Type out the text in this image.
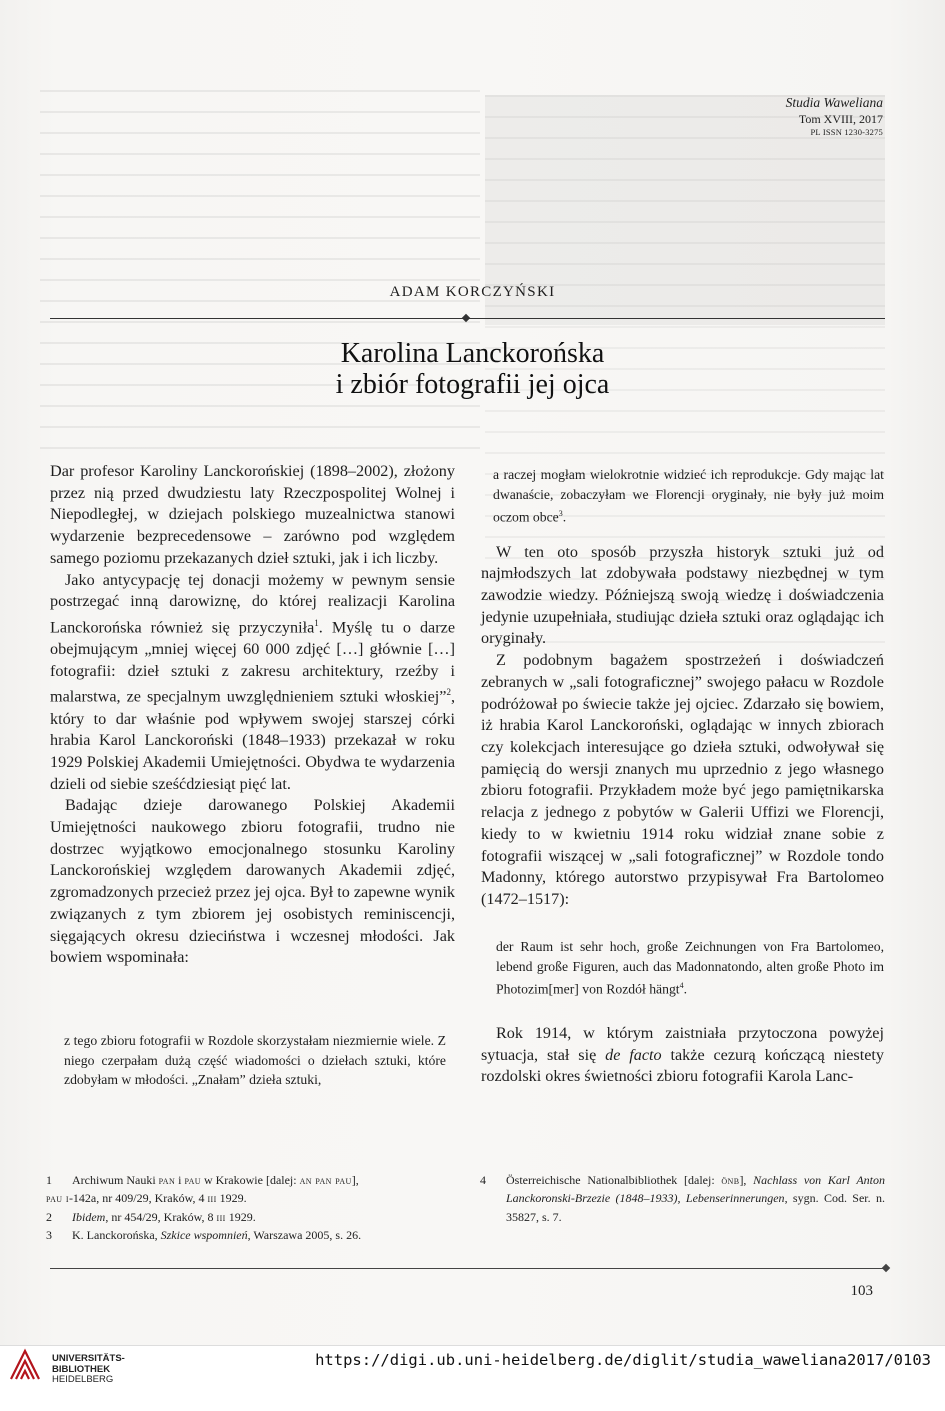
Studia Waweliana
Tom XVIII, 2017
PL ISSN 1230-3275
ADAM KORCZYŃSKI
Karolina Lanckorońska
i zbiór fotografii jej ojca

Dar profesor Karoliny Lanckorońskiej (1898–2002), złożony przez nią przed dwudziestu laty Rzeczpospolitej Wolnej i Niepodległej, w dziejach polskiego muzealnictwa stanowi wydarzenie bezprecedensowe – zarówno pod względem samego poziomu przekazanych dzieł sztuki, jak i ich liczby.

Jako antycypację tej donacji możemy w pewnym sensie postrzegać inną darowiznę, do której realizacji Karolina Lanckorońska również się przyczyniła$^1$. Myślę tu o darze obejmującym „mniej więcej 60 000 zdjęć […] głównie […] fotografii: dzieł sztuki z zakresu architektury, rzeźby i malarstwa, ze specjalnym uwzględnieniem sztuki włoskiej”$^2$, który to dar właśnie pod wpływem swojej starszej córki hrabia Karol Lanckoroński (1848–1933) przekazał w roku 1929 Polskiej Akademii Umiejętności. Obydwa te wydarzenia dzieli od siebie sześćdziesiąt pięć lat.

Badając dzieje darowanego Polskiej Akademii Umiejętności naukowego zbioru fotografii, trudno nie dostrzec wyjątkowo emocjonalnego stosunku Karoliny Lanckorońskiej względem darowanych Akademii zdjęć, zgromadzonych przecież przez jej ojca. Był to zapewne wynik związanych z tym zbiorem jej osobistych reminiscencji, sięgających okresu dzieciństwa i wczesnej młodości. Jak bowiem wspominała:

z tego zbioru fotografii w Rozdole skorzystałam niezmiernie wiele. Z niego czerpałam dużą część wiadomości o dziełach sztuki, które zdobyłam w młodości. „Znałam” dzieła sztuki,

a raczej mogłam wielokrotnie widzieć ich reprodukcje. Gdy mając lat dwanaście, zobaczyłam we Florencji oryginały, nie były już moim oczom obce$^3$.

W ten oto sposób przyszła historyk sztuki już od najmłodszych lat zdobywała podstawy niezbędnej w tym zawodzie wiedzy. Późniejszą swoją wiedzę i doświadczenia jedynie uzupełniała, studiując dzieła sztuki oraz oglądając ich oryginały.

Z podobnym bagażem spostrzeżeń i doświadczeń zebranych w „sali fotograficznej” swojego pałacu w Rozdole podróżował po świecie także jej ojciec. Zdarzało się bowiem, iż hrabia Karol Lanckoroński, oglądając w innych zbiorach czy kolekcjach interesujące go dzieła sztuki, odwoływał się pamięcią do wersji znanych mu uprzednio z jego własnego zbioru fotografii. Przykładem może być jego pamiętnikarska relacja z jednego z pobytów w Galerii Uffizi we Florencji, kiedy to w kwietniu 1914 roku widział znane sobie z fotografii wiszącej w „sali fotograficznej” w Rozdole tondo Madonny, którego autorstwo przypisywał Fra Bartolomeo (1472–1517):

der Raum ist sehr hoch, große Zeichnungen von Fra Bartolomeo, lebend große Figuren, auch das Madonnatondo, alten große Photo im Photozim[mer] von Rozdół hängt$^4$.

Rok 1914, w którym zaistniała przytoczona powyżej sytuacja, stał się de facto także cezurą kończącą niestety rozdolski okres świetności zbioru fotografii Karola Lanc-

1	Archiwum Nauki pan i pau w Krakowie [dalej: an pan pau],
pau i-142a, nr 409/29, Kraków, 4 iii 1929.
2	Ibidem, nr 454/29, Kraków, 8 iii 1929.
3	K. Lanckorońska, Szkice wspomnień, Warszawa 2005, s. 26.
4	Österreichische Nationalbibliothek [dalej: önb], Nachlass von Karl Anton Lanckoronski-Brzezie (1848–1933), Lebenserinnerungen, sygn. Cod. Ser. n. 35827, s. 7.
103
UNIVERSITÄTS-
BIBLIOTHEK
HEIDELBERG
https://digi.ub.uni-heidelberg.de/diglit/studia_waweliana2017/0103
